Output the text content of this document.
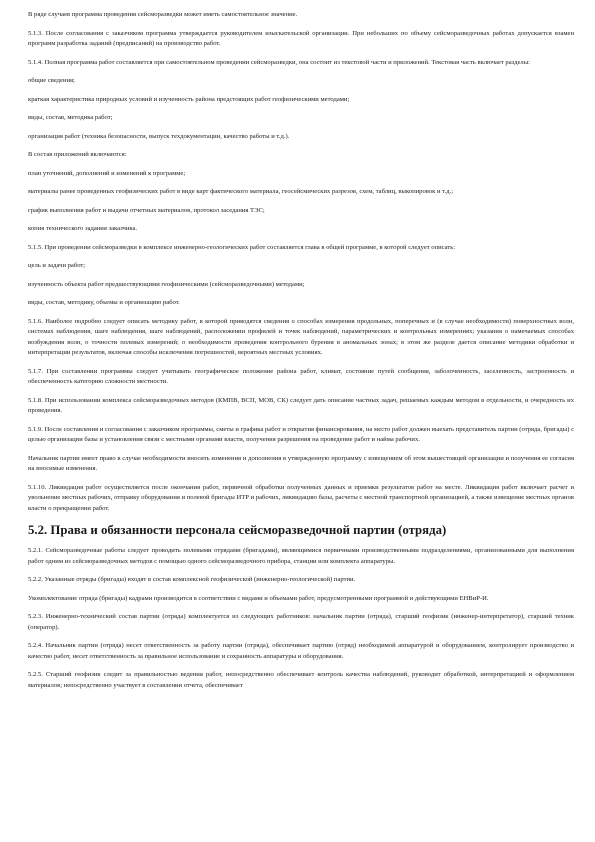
В ряде случаев программа проведения сейсморазведки может иметь самостоятельное значение.

5.1.3. После согласования с заказчиком программа утверждается руководителем изыскательской организации. При небольших по объему сейсморазведочных работах допускается взамен программ разработка заданий (предписаний) на производство работ.

5.1.4. Полная программа работ составляется при самостоятельном проведении сейсморазведки, она состоит из текстовой части и приложений. Текстовая часть включает разделы:

общие сведения;

краткая характеристика природных условий и изученность района предстоящих работ геофизическими методами;

виды, состав, методика работ;

организация работ (техника безопасности, выпуск техдокументации, качество работы и т.д.).

В состав приложений включаются:

план уточнений, дополнений и изменений к программе;

материалы ранее проведенных геофизических работ в виде карт фактического материала, геосейсмических разрезов, схем, таблиц, выкопировок и т.д.;

график выполнения работ и выдачи отчетных материалов, протокол заседания ТЭС;

копия технического задания заказчика.

5.1.5. При проведении сейсморазведки в комплексе инженерно-геологических работ составляется глава в общей программе, в которой следует описать:

цель и задачи работ;

изученность объекта работ предшествующими геофизическими (сейсморазведочными) методами;

виды, состав, методику, объемы и организацию работ.

5.1.6. Наиболее подробно следует описать методику работ, в которой приводятся сведения о способах измерения продольных, поперечных и (в случае необходимости) поверхностных волн, системах наблюдения, шаге наблюдения, шаге наблюдений, расположении профилей и точек наблюдений, параметрических и контрольных измерениях; указания о намечаемых способах возбуждения волн, о точности полевых измерений; о необходимости проведения контрольного бурения в аномальных зонах; в этом же разделе дается описание методики обработки и интерпретации результатов, включая способы исключения погрешностей, вероятных местных условиях.

5.1.7. При составлении программы следует учитывать географическое положение района работ, климат, состояние путей сообщения, заболоченность, заселенность, застроенность и обеспеченность категорию сложности местности.

5.1.8. При использовании комплекса сейсморазведочных методов (КМПВ, ВСП, МОВ, СК) следует дать описание частных задач, решаемых каждым методом в отдельности, и очередность их проведения.

5.1.9. После составления и согласования с заказчиком программы, сметы и графика работ и открытия финансирования, на место работ должен выехать представитель партии (отряда, бригады) с целью организации базы и установления связи с местными органами власти, получения разрешения на проведение работ и найма рабочих.

Начальник партии имеет право в случае необходимости вносить изменения и дополнения в утвержденную программу с извещением об этом вышестоящей организации и получения ее согласия на вносимые изменения.

5.1.10. Ликвидация работ осуществляется после окончания работ, первичной обработки полученных данных и приемки результатов работ на месте. Ликвидация работ включает расчет и увольнение местных рабочих, отправку оборудования и полевой бригады ИТР и рабочих, ликвидацию базы, расчеты с местной транспортной организацией, а также извещение местных органов власти о прекращении работ.

5.2. Права и обязанности персонала сейсморазведочной партии (отряда)

5.2.1. Сейсморазведочные работы следует проводить полевыми отрядами (бригадами), являющимися первичными производственными подразделениями, организованными для выполнения работ одним из сейсморазведочных методов с помощью одного сейсморазведочного прибора, станции или комплекта аппаратуры.

5.2.2. Указанные отряды (бригады) входят в состав комплексной геофизической (инженерно-геологической) партии.

Укомплектование отряда (бригады) кадрами производится в соответствии с видами и объемами работ, предусмотренными программой и действующими ЕНВиР-И.

5.2.3. Инженерно-технический состав партии (отряда) комплектуется из следующих работников: начальник партии (отряда), старший геофизик (инженер-интерпретатор), старший техник (оператор).

5.2.4. Начальник партии (отряда) несет ответственность за работу партии (отряда), обеспечивает партию (отряд) необходимой аппаратурой и оборудованием, контролирует производство и качество работ, несет ответственность за правильное использование и сохранность аппаратуры и оборудования.

5.2.5. Старший геофизик следит за правильностью ведения работ, непосредственно обеспечивает контроль качества наблюдений, руководит обработкой, интерпретацией и оформлением материалов; непосредственно участвует в составлении отчета, обеспечивает
